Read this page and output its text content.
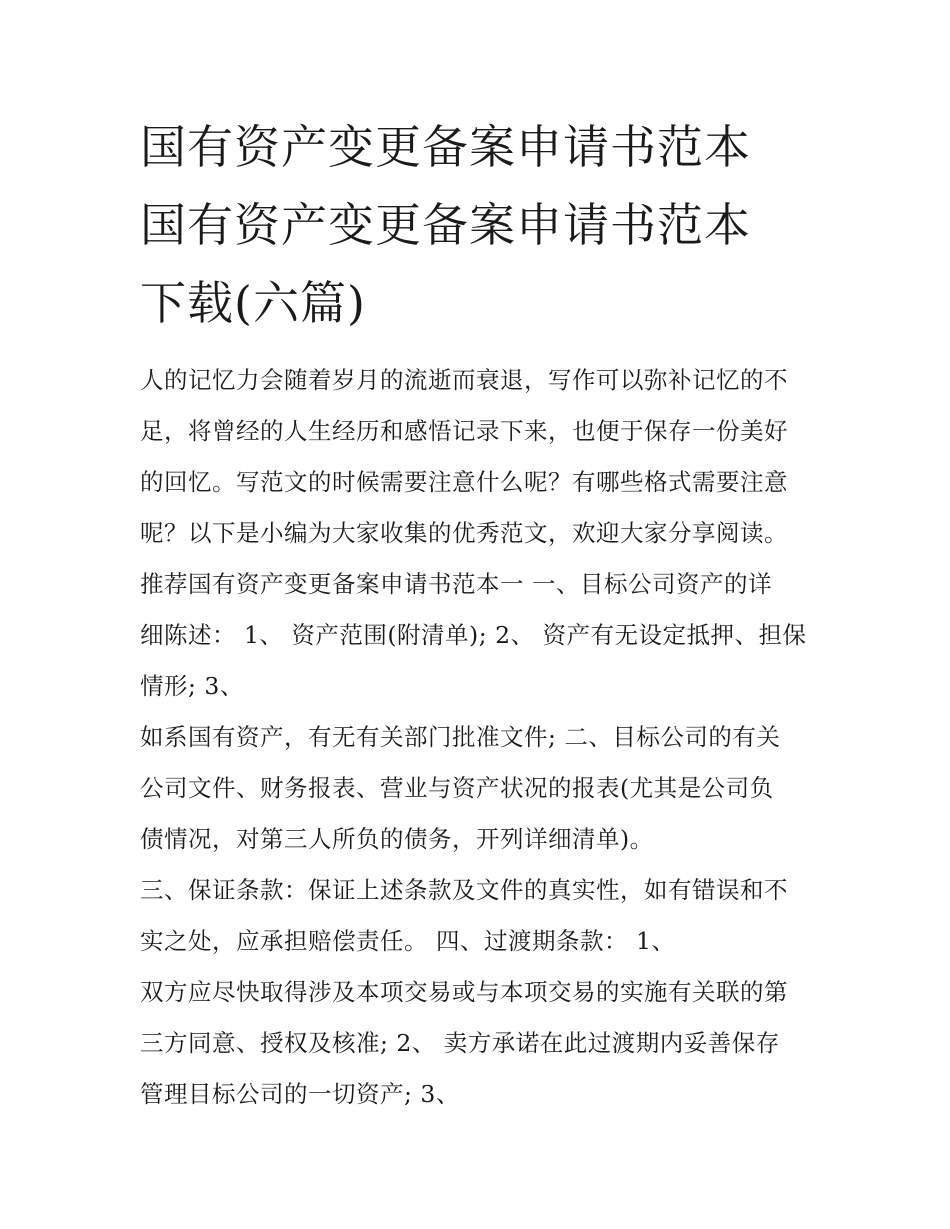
国有资产变更备案申请书范本
国有资产变更备案申请书范本
下载(六篇)
人的记忆力会随着岁月的流逝而衰退，写作可以弥补记忆的不
足，将曾经的人生经历和感悟记录下来，也便于保存一份美好
的回忆。写范文的时候需要注意什么呢？有哪些格式需要注意
呢？以下是小编为大家收集的优秀范文，欢迎大家分享阅读。
推荐国有资产变更备案申请书范本一 一、目标公司资产的详
细陈述： 1、 资产范围(附清单); 2、 资产有无设定抵押、担保
情形; 3、
如系国有资产，有无有关部门批准文件; 二、目标公司的有关
公司文件、财务报表、营业与资产状况的报表(尤其是公司负
债情况，对第三人所负的债务，开列详细清单)。
三、保证条款：保证上述条款及文件的真实性，如有错误和不
实之处，应承担赔偿责任。 四、过渡期条款： 1、
双方应尽快取得涉及本项交易或与本项交易的实施有关联的第
三方同意、授权及核准; 2、 卖方承诺在此过渡期内妥善保存
管理目标公司的一切资产; 3、
